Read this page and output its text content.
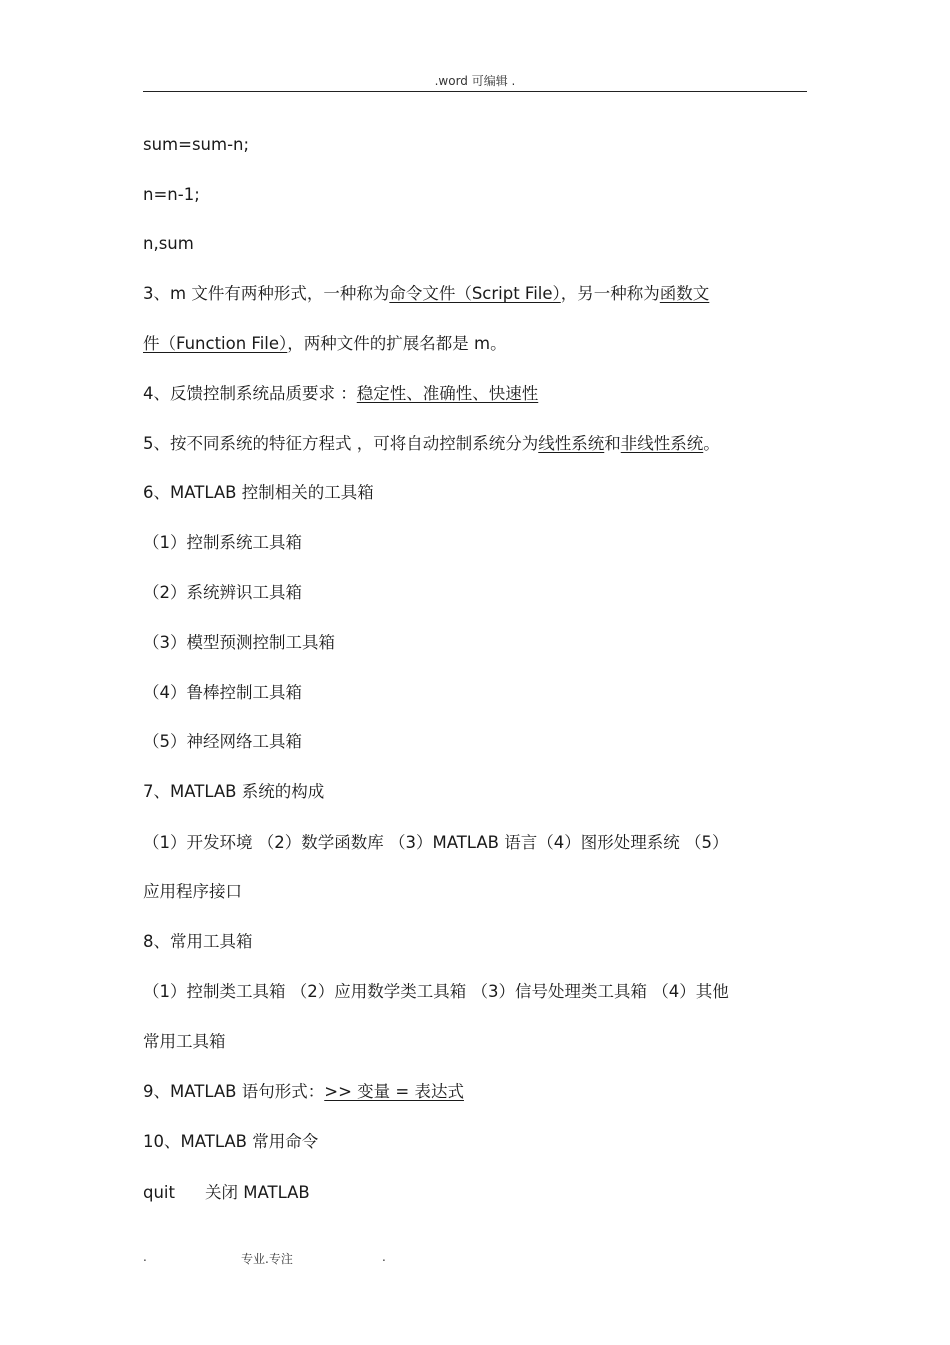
.word 可编辑 .
sum=sum-n;
n=n-1;
n,sum
3、m 文件有两种形式，一种称为命令文件（Script File），另一种称为函数文
件（Function File），两种文件的扩展名都是 m。
4、反馈控制系统品质要求 ：稳定性、准确性、快速性
5、按不同系统的特征方程式 ，可将自动控制系统分为线性系统和非线性系统。
6、MATLAB 控制相关的工具箱
（1）控制系统工具箱
（2）系统辨识工具箱
（3）模型预测控制工具箱
（4）鲁棒控制工具箱
（5）神经网络工具箱
7、MATLAB 系统的构成
（1）开发环境 （2）数学函数库 （3）MATLAB 语言（4）图形处理系统 （5）
应用程序接口
8、常用工具箱
（1）控制类工具箱 （2）应用数学类工具箱 （3）信号处理类工具箱 （4）其他
常用工具箱
9、MATLAB 语句形式：>> 变量 = 表达式
10、MATLAB 常用命令
quit 关闭 MATLAB
.	专业.专注	.
